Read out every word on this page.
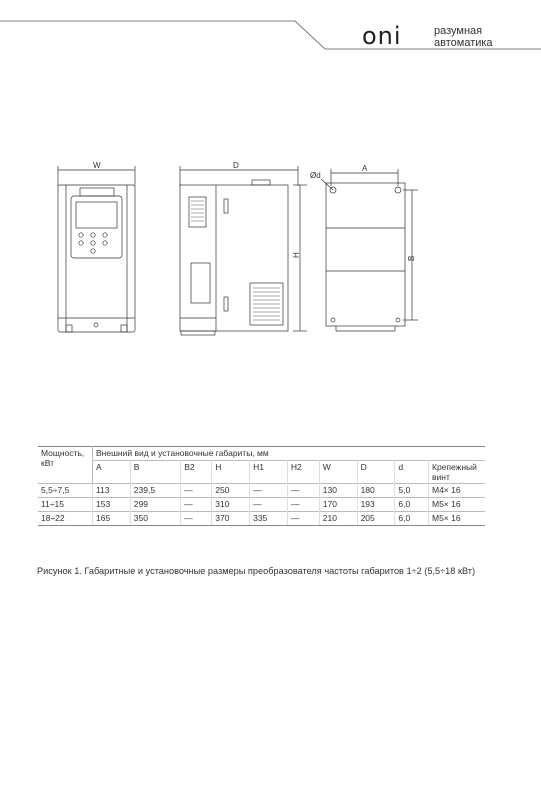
oni	разумная
автоматика
W	D
H
Ød
A
B
Мощность, кВт	Внешний вид и установочные габариты, мм									
	A	B	B2	H	H1	H2	W	D	d	Крепежный винт
5,5÷7,5	113	239,5	—	250	—	—	130	180	5,0	M4× 16
11÷15	153	299	—	310	—	—	170	193	6,0	M5× 16
18÷22	165	350	—	370	335	—	210	205	6,0	M5× 16
Рисунок 1. Габаритные и установочные размеры преобразователя частоты габаритов 1÷2 (5,5÷18 кВт)
